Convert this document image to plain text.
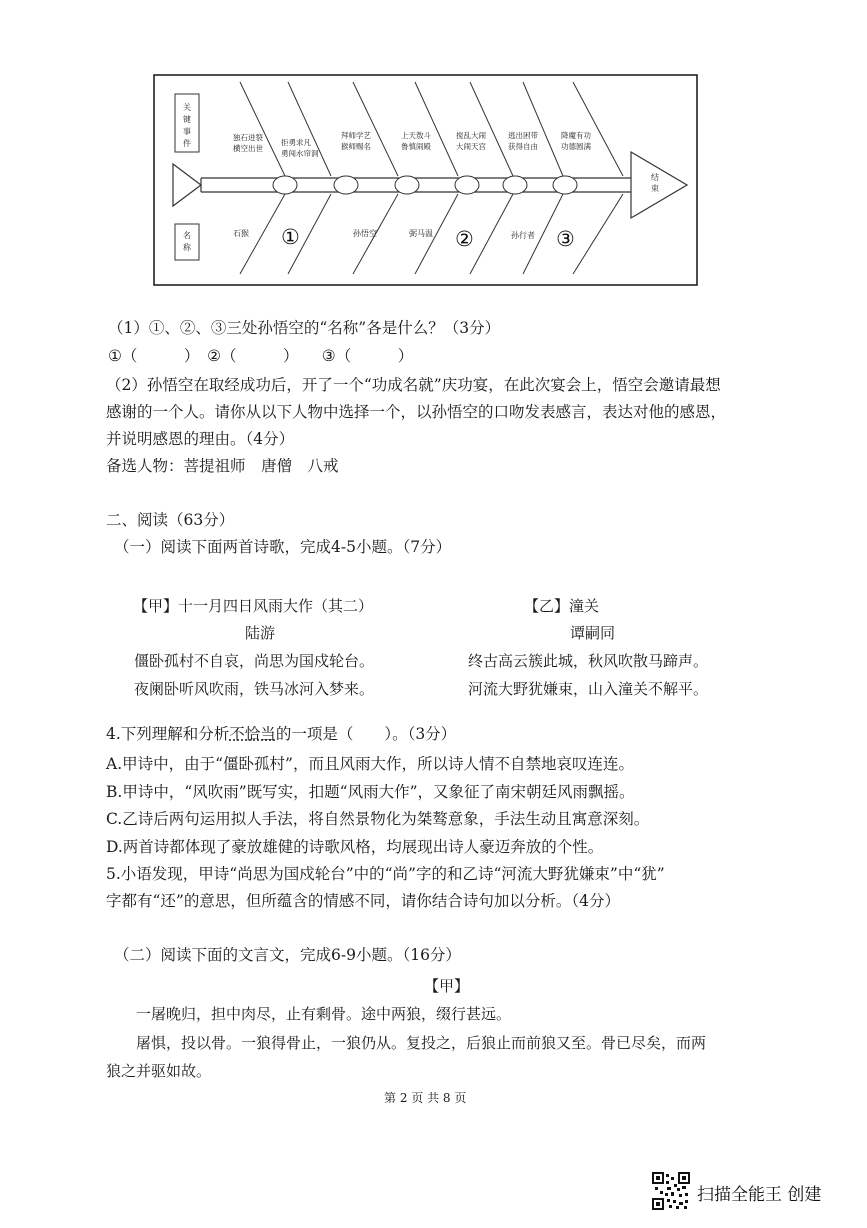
关键事件
名称
结束
独石迸裂横空出世
拒勇求凡勇闯水帘洞
拜师学艺猴师赐名
上天敖斗鲁慎闹殿
搅乱大闹大闹天宫
逃出困带获得自由
降魔有功功德圆满
石猴 ①	孙悟空	弼马温 ②	孙行者 ③
（1）①、②、③三处孙悟空的“名称”各是什么？（3分）
①（　　　）　②（　　　）　　③（　　　）
（2）孙悟空在取经成功后，开了一个“功成名就”庆功宴，在此次宴会上，悟空会邀请最想
感谢的一个人。请你从以下人物中选择一个，以孙悟空的口吻发表感言，表达对他的感恩，
并说明感恩的理由。（4分）
备选人物：菩提祖师　唐僧　八戒
二、阅读（63分）
（一）阅读下面两首诗歌，完成4-5小题。（7分）
【甲】十一月四日风雨大作（其二）
陆游
僵卧孤村不自哀，尚思为国戍轮台。
夜阑卧听风吹雨，铁马冰河入梦来。
【乙】潼关
谭嗣同
终古高云簇此城，秋风吹散马蹄声。
河流大野犹嫌束，山入潼关不解平。
4.下列理解和分析不恰当的一项是（　　）。（3分）
A.甲诗中，由于“僵卧孤村”，而且风雨大作，所以诗人情不自禁地哀叹连连。
B.甲诗中，“风吹雨”既写实，扣题“风雨大作”，又象征了南宋朝廷风雨飘摇。
C.乙诗后两句运用拟人手法，将自然景物化为桀骜意象，手法生动且寓意深刻。
D.两首诗都体现了豪放雄健的诗歌风格，均展现出诗人豪迈奔放的个性。
5.小语发现，甲诗“尚思为国戍轮台”中的“尚”字的和乙诗“河流大野犹嫌束”中“犹”
字都有“还”的意思，但所蕴含的情感不同，请你结合诗句加以分析。（4分）
（二）阅读下面的文言文，完成6-9小题。（16分）
【甲】
一屠晚归，担中肉尽，止有剩骨。途中两狼，缀行甚远。
屠惧，投以骨。一狼得骨止，一狼仍从。复投之，后狼止而前狼又至。骨已尽矣，而两
狼之并驱如故。
第 2 页 共 8 页
扫描全能王 创建
